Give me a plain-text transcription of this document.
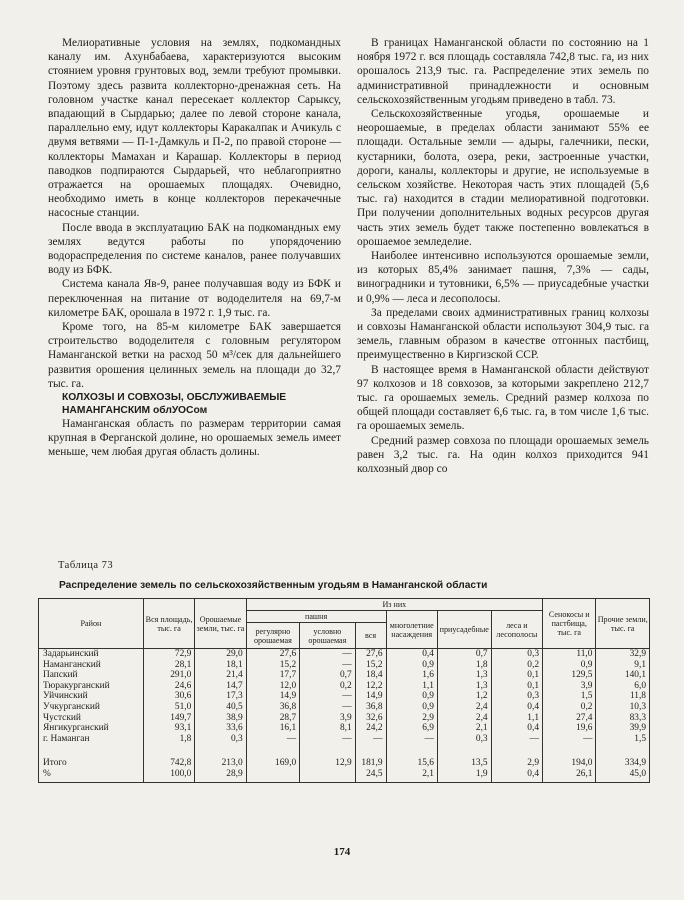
Мелиоративные условия на землях, подкомандных каналу им. Ахунбабаева, характеризуются высоким стоянием уровня грунтовых вод, земли требуют промывки. Поэтому здесь развита коллекторно-дренажная сеть. На головном участке канал пересекает коллектор Сарыксу, впадающий в Сырдарью; далее по левой стороне канала, параллельно ему, идут коллекторы Каракалпак и Ачикуль с двумя ветвями — П-1-Дамкуль и П-2, по правой стороне — коллекторы Мамахан и Карашар. Коллекторы в период паводков подпираются Сырдарьей, что неблагоприятно отражается на орошаемых площадях. Очевидно, необходимо иметь в конце коллекторов перекачечные насосные станции.

После ввода в эксплуатацию БАК на подкомандных ему землях ведутся работы по упорядочению водораспределения по системе каналов, ранее получавших воду из БФК.

Система канала Яв-9, ранее получавшая воду из БФК и переключенная на питание от вододелителя на 69,7-м километре БАК, орошала в 1972 г. 1,9 тыс. га.

Кроме того, на 85-м километре БАК завершается строительство вододелителя с головным регулятором Наманганской ветки на расход 50 м³/сек для дальнейшего развития орошения целинных земель на площади до 32,7 тыс. га.

КОЛХОЗЫ И СОВХОЗЫ, ОБСЛУЖИВАЕМЫЕ
НАМАНГАНСКИМ облУОСом

Наманганская область по размерам территории самая крупная в Ферганской долине, но орошаемых земель имеет меньше, чем любая другая область долины.

В границах Наманганской области по состоянию на 1 ноября 1972 г. вся площадь составляла 742,8 тыс. га, из них орошалось 213,9 тыс. га. Распределение этих земель по административной принадлежности и основным сельскохозяйственным угодьям приведено в табл. 73.

Сельскохозяйственные угодья, орошаемые и неорошаемые, в пределах области занимают 55% ее площади. Остальные земли — адыры, галечники, пески, кустарники, болота, озера, реки, застроенные участки, дороги, каналы, коллекторы и другие, не используемые в сельском хозяйстве. Некоторая часть этих площадей (5,6 тыс. га) находится в стадии мелиоративной подготовки. При получении дополнительных водных ресурсов другая часть этих земель будет также постепенно вовлекаться в орошаемое земледелие.

Наиболее интенсивно используются орошаемые земли, из которых 85,4% занимает пашня, 7,3% — сады, виноградники и тутовники, 6,5% — приусадебные участки и 0,9% — леса и лесополосы.

За пределами своих административных границ колхозы и совхозы Наманганской области используют 304,9 тыс. га земель, главным образом в качестве отгонных пастбищ, преимущественно в Киргизской ССР.

В настоящее время в Наманганской области действуют 97 колхозов и 18 совхозов, за которыми закреплено 212,7 тыс. га орошаемых земель. Средний размер колхоза по общей площади составляет 6,6 тыс. га, в том числе 1,6 тыс. га орошаемых земель.

Средний размер совхоза по площади орошаемых земель равен 3,2 тыс. га. На один колхоз приходится 941 колхозный двор со

Таблица 73
Распределение земель по сельскохозяйственным угодьям в Наманганской области
Район	Вся площадь, тыс. га	Орошаемые земли, тыс. га	Из них						Сенокосы и пастбища, тыс. га	Прочие земли, тыс. га
			пашня			многолетние насаждения	приусадебные	леса и лесополосы		
			регулярно орошаемая	условно орошаемая	вся					
Задарьинский	72,9	29,0	27,6	—	27,6	0,4	0,7	0,3	11,0	32,9
Наманганский	28,1	18,1	15,2	—	15,2	0,9	1,8	0,2	0,9	9,1
Папский	291,0	21,4	17,7	0,7	18,4	1,6	1,3	0,1	129,5	140,1
Тюракурганский	24,6	14,7	12,0	0,2	12,2	1,1	1,3	0,1	3,9	6,0
Уйчинский	30,6	17,3	14,9	—	14,9	0,9	1,2	0,3	1,5	11,8
Учкурганский	51,0	40,5	36,8	—	36,8	0,9	2,4	0,4	0,2	10,3
Чустский	149,7	38,9	28,7	3,9	32,6	2,9	2,4	1,1	27,4	83,3
Янгикурганский	93,1	33,6	16,1	8,1	24,2	6,9	2,1	0,4	19,6	39,9
г. Наманган	1,8	0,3	—	—	—	—	0,3	—	—	1,5
Итого	742,8	213,0	169,0	12,9	181,9	15,6	13,5	2,9	194,0	334,9
%	100,0	28,9			24,5	2,1	1,9	0,4	26,1	45,0
174
